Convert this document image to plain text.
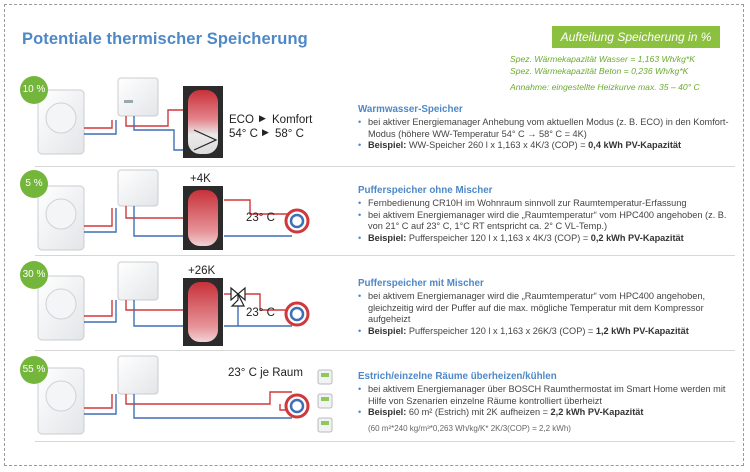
Potentiale thermischer Speicherung	Aufteilung Speicherung in %
Spez. Wärmekapazität Wasser = 1,163 Wh/kg*K
Spez. Wärmekapazität Beton = 0,236 Wh/kg*K
Annahme: eingestellte Heizkurve max. 35 – 40° C
10 %
5 %
30 %
55 %
ECO ▶ Komfort
54° C ▶ 58° C
+4K
23° C
+26K
23° C
23° C je Raum
Warmwasser-Speicher
• bei aktiver Energiemanager Anhebung vom aktuellen Modus (z. B. ECO) in den Komfort-Modus (höhere WW-Temperatur 54° C → 58° C = 4K)
• Beispiel: WW-Speicher 260 l x 1,163 x 4K/3 (COP) = 0,4 kWh PV-Kapazität
Pufferspeicher ohne Mischer
• Fernbedienung CR10H im Wohnraum sinnvoll zur Raumtemperatur-Erfassung
• bei aktivem Energiemanager wird die „Raumtemperatur“ vom HPC400 angehoben (z. B. von 21° C auf 23° C, 1°C RT entspricht ca. 2° C VL-Temp.)
• Beispiel: Pufferspeicher 120 l x 1,163 x 4K/3 (COP) = 0,2 kWh PV-Kapazität
Pufferspeicher mit Mischer
• bei aktivem Energiemanager wird die „Raumtemperatur“ vom HPC400 angehoben, gleichzeitig wird der Puffer auf die max. mögliche Temperatur mit dem Kompressor aufgeheizt
• Beispiel: Pufferspeicher 120 l x 1,163 x 26K/3 (COP) = 1,2 kWh PV-Kapazität
Estrich/einzelne Räume überheizen/kühlen
• bei aktivem Energiemanager über BOSCH Raumthermostat im Smart Home werden mit Hilfe von Szenarien einzelne Räume kontrolliert überheizt
• Beispiel: 60 m² (Estrich) mit 2K aufheizen = 2,2 kWh PV-Kapazität
(60 m²*240 kg/m³*0,263 Wh/kg/K* 2K/3(COP) = 2,2 kWh)
